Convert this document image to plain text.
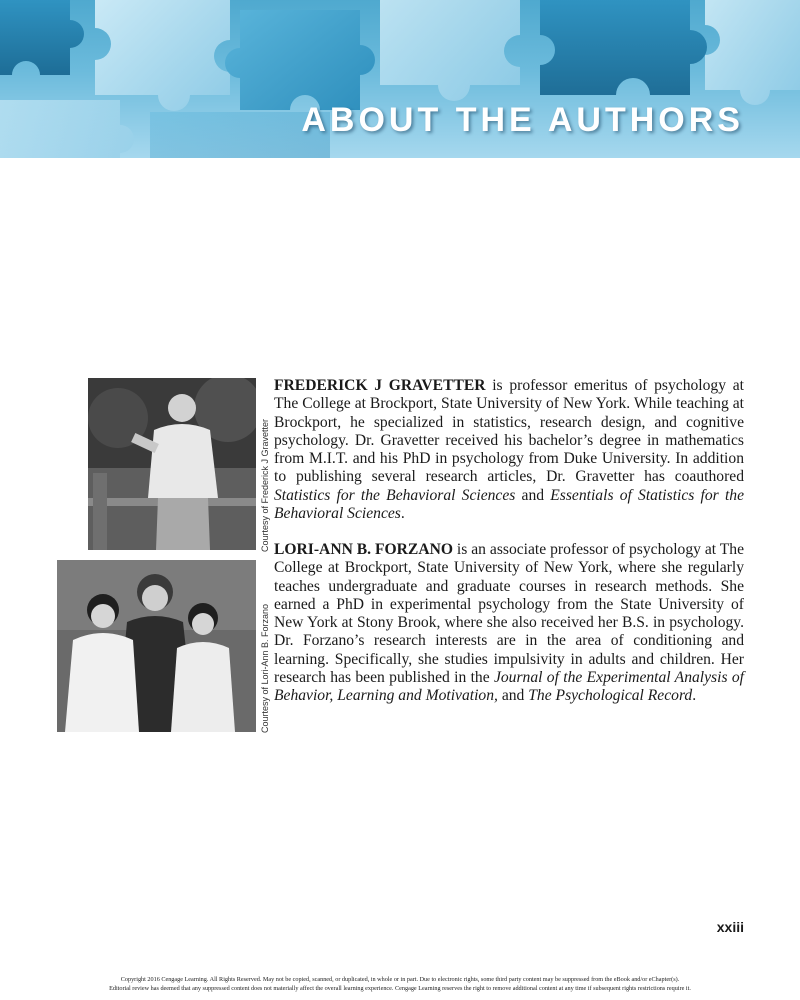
ABOUT THE AUTHORS
Courtesy of Frederick J Gravetter
Courtesy of Lori-Ann B. Forzano

FREDERICK J GRAVETTER is professor emeritus of psychology at The College at Brockport, State University of New York. While teaching at Brockport, he specialized in statistics, research design, and cognitive psychology. Dr. Gravetter received his bachelor’s degree in mathematics from M.I.T. and his PhD in psychology from Duke University. In addition to publishing several research articles, Dr. Gravetter has coauthored Statistics for the Behavioral Sciences and Essentials of Statistics for the Behavioral Sciences.

LORI-ANN B. FORZANO is an associate professor of psychology at The College at Brockport, State University of New York, where she regularly teaches undergraduate and graduate courses in research methods. She earned a PhD in experimental psychology from the State University of New York at Stony Brook, where she also received her B.S. in psychology. Dr. Forzano’s research interests are in the area of conditioning and learning. Specifically, she studies impulsivity in adults and children. Her research has been published in the Journal of the Experimental Analysis of Behavior, Learning and Motivation, and The Psychological Record.

xxiii
Copyright 2016 Cengage Learning. All Rights Reserved. May not be copied, scanned, or duplicated, in whole or in part. Due to electronic rights, some third party content may be suppressed from the eBook and/or eChapter(s).
Editorial review has deemed that any suppressed content does not materially affect the overall learning experience. Cengage Learning reserves the right to remove additional content at any time if subsequent rights restrictions require it.
